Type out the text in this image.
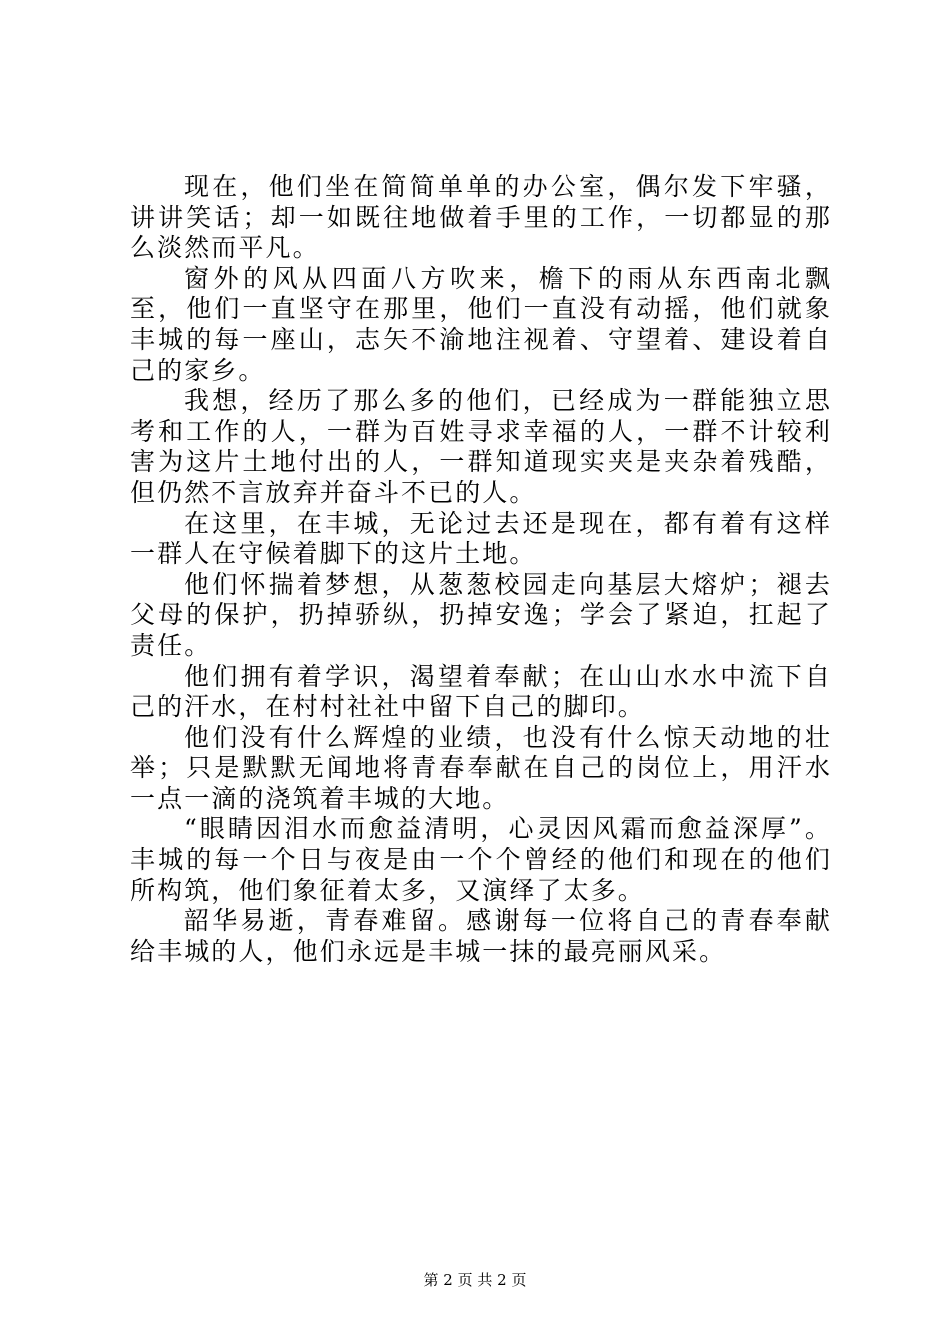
现在，他们坐在简简单单的办公室，偶尔发下牢骚，讲讲笑话；却一如既往地做着手里的工作，一切都显的那么淡然而平凡。

窗外的风从四面八方吹来，檐下的雨从东西南北飘至，他们一直坚守在那里，他们一直没有动摇，他们就象丰城的每一座山，志矢不渝地注视着、守望着、建设着自己的家乡。

我想，经历了那么多的他们，已经成为一群能独立思考和工作的人，一群为百姓寻求幸福的人，一群不计较利害为这片土地付出的人，一群知道现实夹是夹杂着残酷，但仍然不言放弃并奋斗不已的人。

在这里，在丰城，无论过去还是现在，都有着有这样一群人在守候着脚下的这片土地。

他们怀揣着梦想，从葱葱校园走向基层大熔炉；褪去父母的保护，扔掉骄纵，扔掉安逸；学会了紧迫，扛起了责任。

他们拥有着学识，渴望着奉献；在山山水水中流下自己的汗水，在村村社社中留下自己的脚印。

他们没有什么辉煌的业绩，也没有什么惊天动地的壮举；只是默默无闻地将青春奉献在自己的岗位上，用汗水一点一滴的浇筑着丰城的大地。

“眼睛因泪水而愈益清明，心灵因风霜而愈益深厚”。丰城的每一个日与夜是由一个个曾经的他们和现在的他们所构筑，他们象征着太多，又演绎了太多。

韶华易逝，青春难留。感谢每一位将自己的青春奉献给丰城的人，他们永远是丰城一抹的最亮丽风采。

第 2 页 共 2 页
